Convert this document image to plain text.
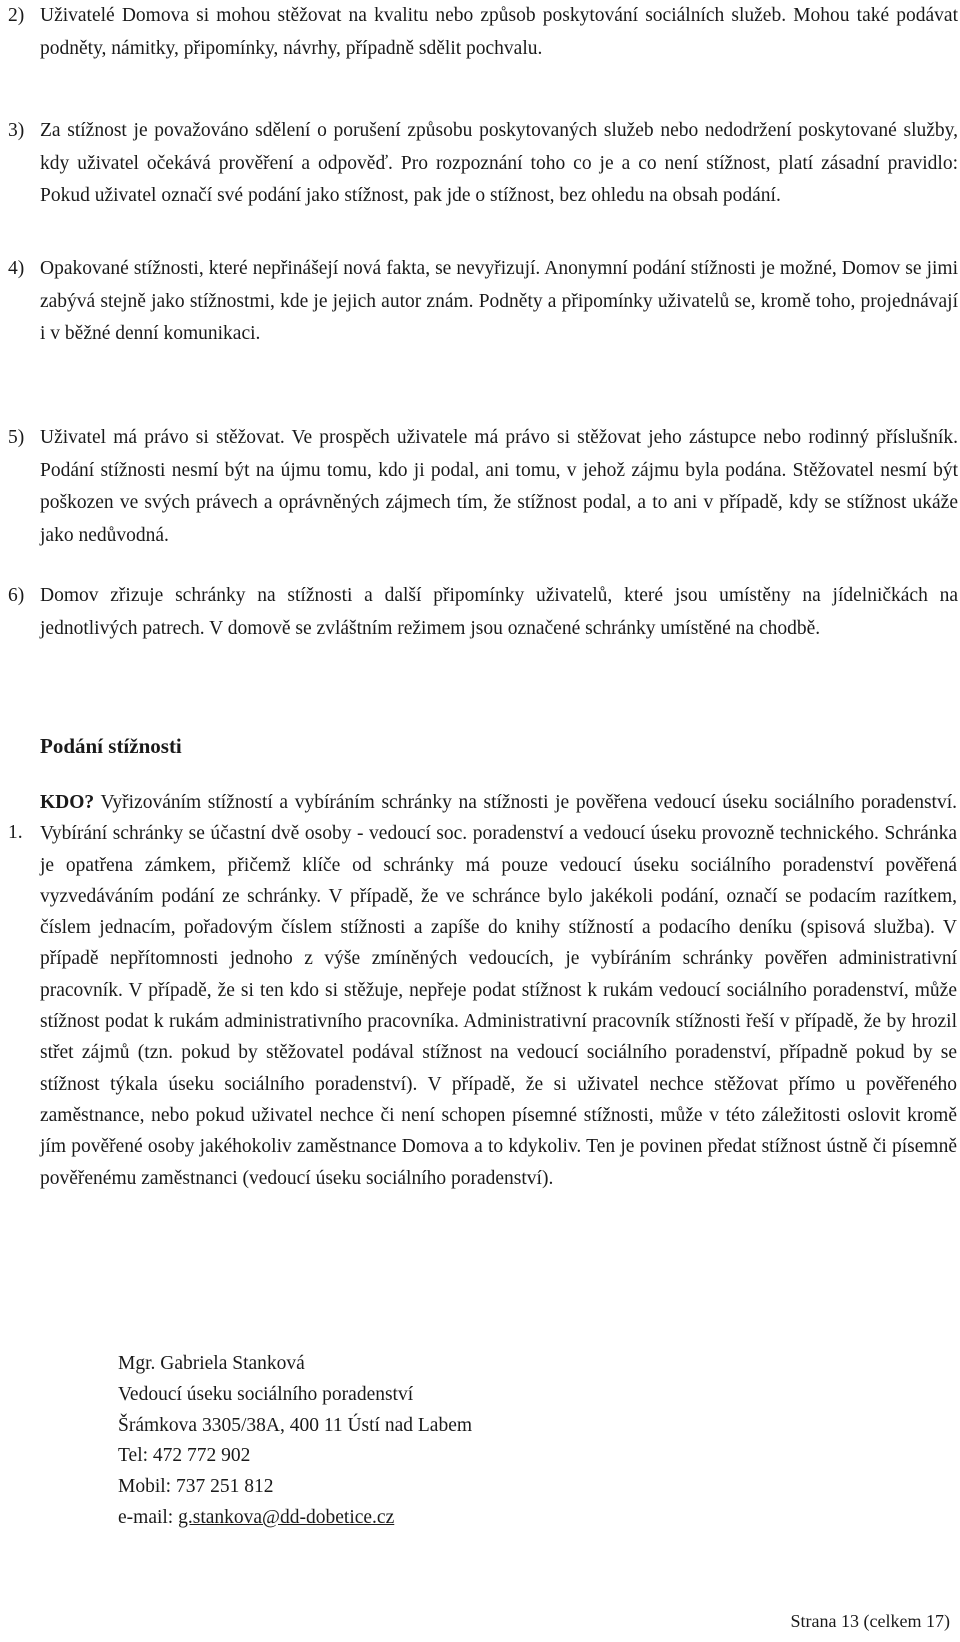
2) Uživatelé Domova si mohou stěžovat na kvalitu nebo způsob poskytování sociálních služeb. Mohou také podávat podněty, námitky, připomínky, návrhy, případně sdělit pochvalu.
3) Za stížnost je považováno sdělení o porušení způsobu poskytovaných služeb nebo nedodržení poskytované služby, kdy uživatel očekává prověření a odpověď. Pro rozpoznání toho co je a co není stížnost, platí zásadní pravidlo: Pokud uživatel označí své podání jako stížnost, pak jde o stížnost, bez ohledu na obsah podání.
4) Opakované stížnosti, které nepřinášejí nová fakta, se nevyřizují. Anonymní podání stížnosti je možné, Domov se jimi zabývá stejně jako stížnostmi, kde je jejich autor znám. Podněty a připomínky uživatelů se, kromě toho, projednávají i v běžné denní komunikaci.
5) Uživatel má právo si stěžovat. Ve prospěch uživatele má právo si stěžovat jeho zástupce nebo rodinný příslušník. Podání stížnosti nesmí být na újmu tomu, kdo ji podal, ani tomu, v jehož zájmu byla podána. Stěžovatel nesmí být poškozen ve svých právech a oprávněných zájmech tím, že stížnost podal, a to ani v případě, kdy se stížnost ukáže jako nedůvodná.
6) Domov zřizuje schránky na stížnosti a další připomínky uživatelů, které jsou umístěny na jídelničkách na jednotlivých patrech. V domově se zvláštním režimem jsou označené schránky umístěné na chodbě.
Podání stížnosti
1.
KDO? Vyřizováním stížností a vybíráním schránky na stížnosti je pověřena vedoucí úseku sociálního poradenství. Vybírání schránky se účastní dvě osoby - vedoucí soc. poradenství a vedoucí úseku provozně technického. Schránka je opatřena zámkem, přičemž klíče od schránky má pouze vedoucí úseku sociálního poradenství pověřená vyzvedáváním podání ze schránky. V případě, že ve schránce bylo jakékoli podání, označí se podacím razítkem, číslem jednacím, pořadovým číslem stížnosti a zapíše do knihy stížností a podacího deníku (spisová služba). V případě nepřítomnosti jednoho z výše zmíněných vedoucích, je vybíráním schránky pověřen administrativní pracovník. V případě, že si ten kdo si stěžuje, nepřeje podat stížnost k rukám vedoucí sociálního poradenství, může stížnost podat k rukám administrativního pracovníka. Administrativní pracovník stížnosti řeší v případě, že by hrozil střet zájmů (tzn. pokud by stěžovatel podával stížnost na vedoucí sociálního poradenství, případně pokud by se stížnost týkala úseku sociálního poradenství). V případě, že si uživatel nechce stěžovat přímo u pověřeného zaměstnance, nebo pokud uživatel nechce či není schopen písemné stížnosti, může v této záležitosti oslovit kromě jím pověřené osoby jakéhokoliv zaměstnance Domova a to kdykoliv. Ten je povinen předat stížnost ústně či písemně pověřenému zaměstnanci (vedoucí úseku sociálního poradenství).
Mgr. Gabriela Stanková
Vedoucí úseku sociálního poradenství
Šrámkova 3305/38A, 400 11 Ústí nad Labem
Tel: 472 772 902
Mobil: 737 251 812
e-mail: g.stankova@dd-dobetice.cz
Strana 13 (celkem 17)
